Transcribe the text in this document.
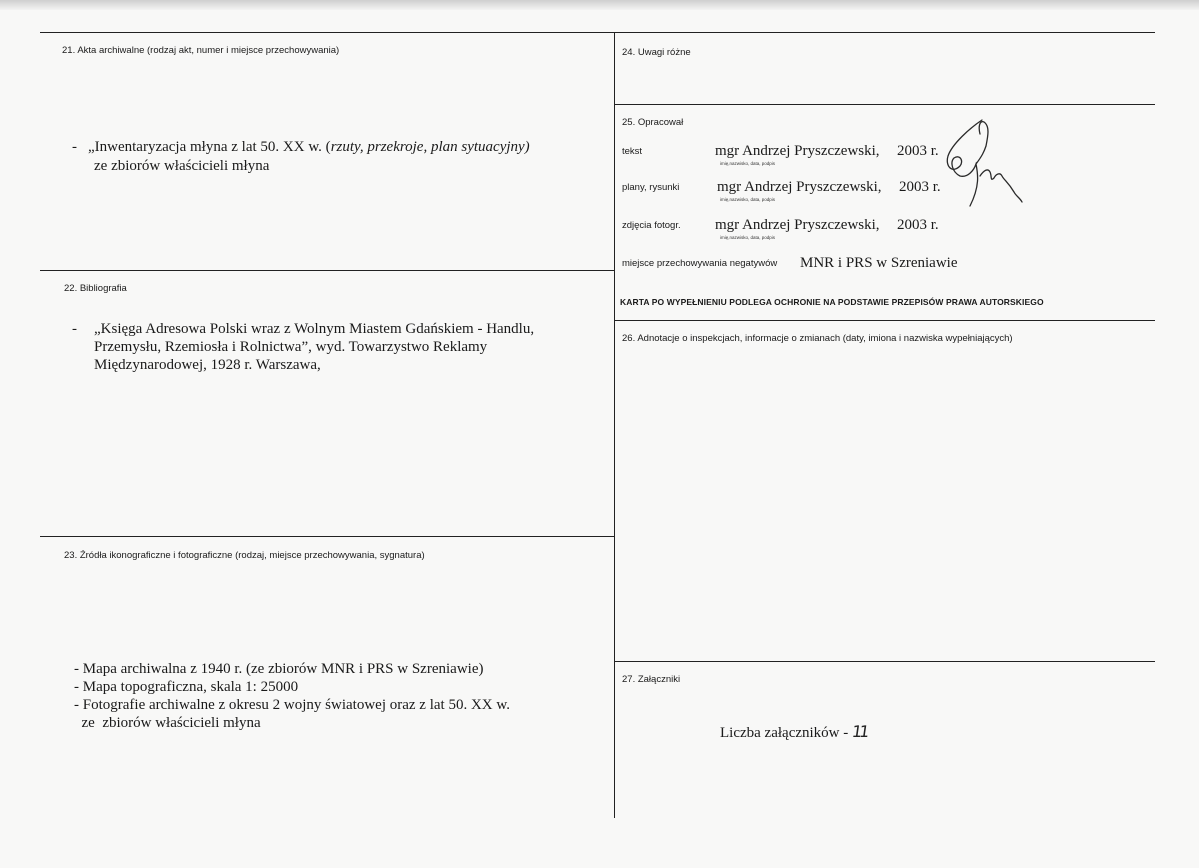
21. Akta archiwalne (rodzaj akt, numer i miejsce przechowywania)
- „Inwentaryzacja młyna z lat 50. XX w. (rzuty, przekroje, plan sytuacyjny)
ze zbiorów właścicieli młyna
22. Bibliografia
- „Księga Adresowa Polski wraz z Wolnym Miastem Gdańskiem - Handlu,
Przemysłu, Rzemiosła i Rolnictwa”, wyd. Towarzystwo Reklamy
Międzynarodowej, 1928 r. Warszawa,
23. Źródła ikonograficzne i fotograficzne (rodzaj, miejsce przechowywania, sygnatura)
- Mapa archiwalna z 1940 r. (ze zbiorów MNR i PRS w Szreniawie)
- Mapa topograficzna, skala 1: 25000
- Fotografie archiwalne z okresu 2 wojny światowej oraz z lat 50. XX w.
ze  zbiorów właścicieli młyna
24. Uwagi różne
25. Opracował
tekst	mgr Andrzej Pryszczewski, 2003 r.
imię,nazwisko, data, podpis
plany, rysunki	mgr Andrzej Pryszczewski, 2003 r.
imię,nazwisko, data, podpis
zdjęcia fotogr. mgr Andrzej Pryszczewski, 2003 r.
imię,nazwisko, data, podpis
miejsce przechowywania negatywów MNR i PRS w Szreniawie
KARTA PO WYPEŁNIENIU PODLEGA OCHRONIE NA PODSTAWIE PRZEPISÓW PRAWA AUTORSKIEGO
26. Adnotacje o inspekcjach, informacje o zmianach (daty, imiona i nazwiska wypełniających)
27. Załączniki
Liczba załączników - 11
